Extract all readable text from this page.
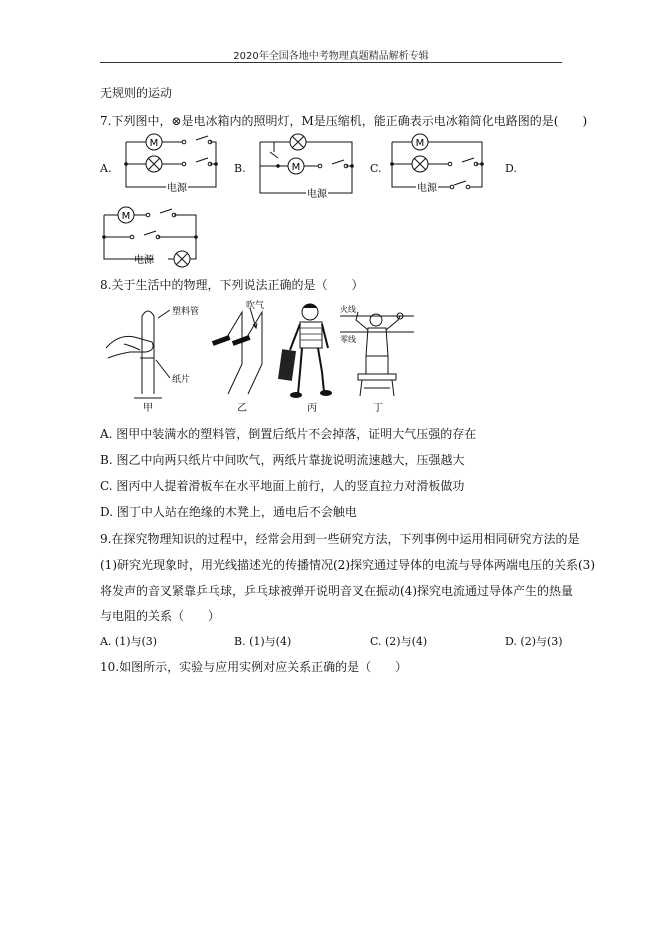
2020年全国各地中考物理真题精品解析专辑
无规则的运动
7.下列图中，⊗是电冰箱内的照明灯，M是压缩机，能正确表示电冰箱简化电路图的是(　　)
A.
M
电源
B.	M
电源
C.
M
电源
D.
M
电源
8.关于生活中的物理，下列说法正确的是（　　）
塑料管
纸片
甲
吹气
乙	丙
火线
零线
丁
A. 图甲中装满水的塑料管，倒置后纸片不会掉落，证明大气压强的存在
B. 图乙中向两只纸片中间吹气，两纸片靠拢说明流速越大，压强越大
C. 图丙中人提着滑板车在水平地面上前行，人的竖直拉力对滑板做功
D. 图丁中人站在绝缘的木凳上，通电后不会触电
9.在探究物理知识的过程中，经常会用到一些研究方法，下列事例中运用相同研究方法的是
(1)研究光现象时，用光线描述光的传播情况(2)探究通过导体的电流与导体两端电压的关系(3)
将发声的音叉紧靠乒乓球，乒乓球被弹开说明音叉在振动(4)探究电流通过导体产生的热量
与电阻的关系（　　）
A. (1)与(3)	B. (1)与(4)	C. (2)与(4)	D. (2)与(3)
10.如图所示，实验与应用实例对应关系正确的是（　　）
